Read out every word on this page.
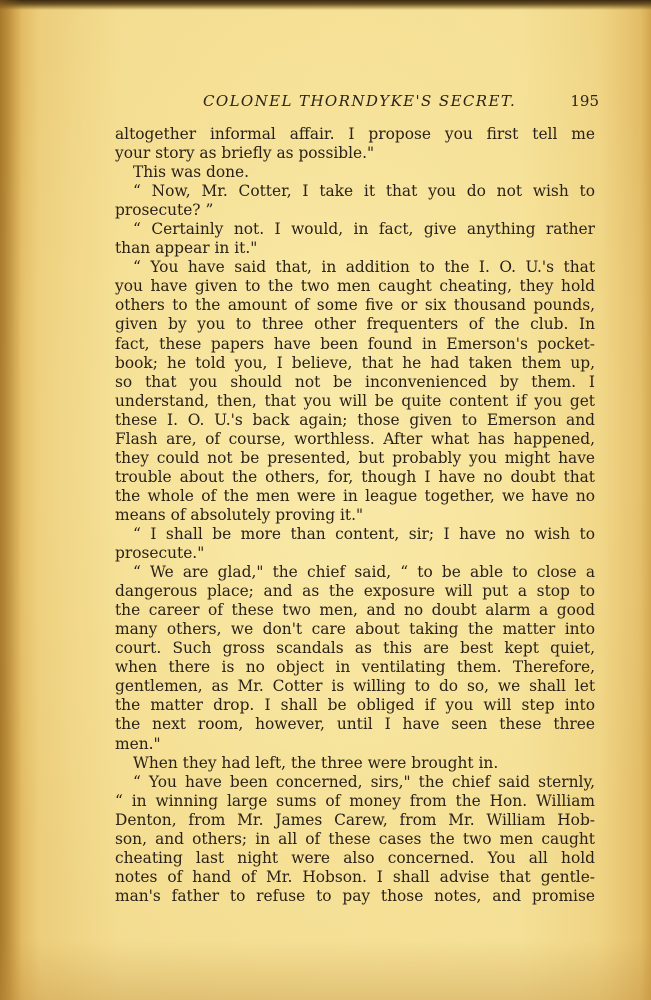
COLONEL THORNDYKE'S SECRET.	195
altogether informal affair. I propose you first tell me
your story as briefly as possible."
This was done.
“ Now, Mr. Cotter, I take it that you do not wish to
prosecute? ”
“ Certainly not. I would, in fact, give anything rather
than appear in it."
“ You have said that, in addition to the I. O. U.'s that
you have given to the two men caught cheating, they hold
others to the amount of some five or six thousand pounds,
given by you to three other frequenters of the club. In
fact, these papers have been found in Emerson's pocket-
book; he told you, I believe, that he had taken them up,
so that you should not be inconvenienced by them. I
understand, then, that you will be quite content if you get
these I. O. U.'s back again; those given to Emerson and
Flash are, of course, worthless. After what has happened,
they could not be presented, but probably you might have
trouble about the others, for, though I have no doubt that
the whole of the men were in league together, we have no
means of absolutely proving it."
“ I shall be more than content, sir; I have no wish to
prosecute."
“ We are glad," the chief said, “ to be able to close a
dangerous place; and as the exposure will put a stop to
the career of these two men, and no doubt alarm a good
many others, we don't care about taking the matter into
court. Such gross scandals as this are best kept quiet,
when there is no object in ventilating them. Therefore,
gentlemen, as Mr. Cotter is willing to do so, we shall let
the matter drop. I shall be obliged if you will step into
the next room, however, until I have seen these three
men."
When they had left, the three were brought in.
“ You have been concerned, sirs," the chief said sternly,
“ in winning large sums of money from the Hon. William
Denton, from Mr. James Carew, from Mr. William Hob-
son, and others; in all of these cases the two men caught
cheating last night were also concerned. You all hold
notes of hand of Mr. Hobson. I shall advise that gentle-
man's father to refuse to pay those notes, and promise
